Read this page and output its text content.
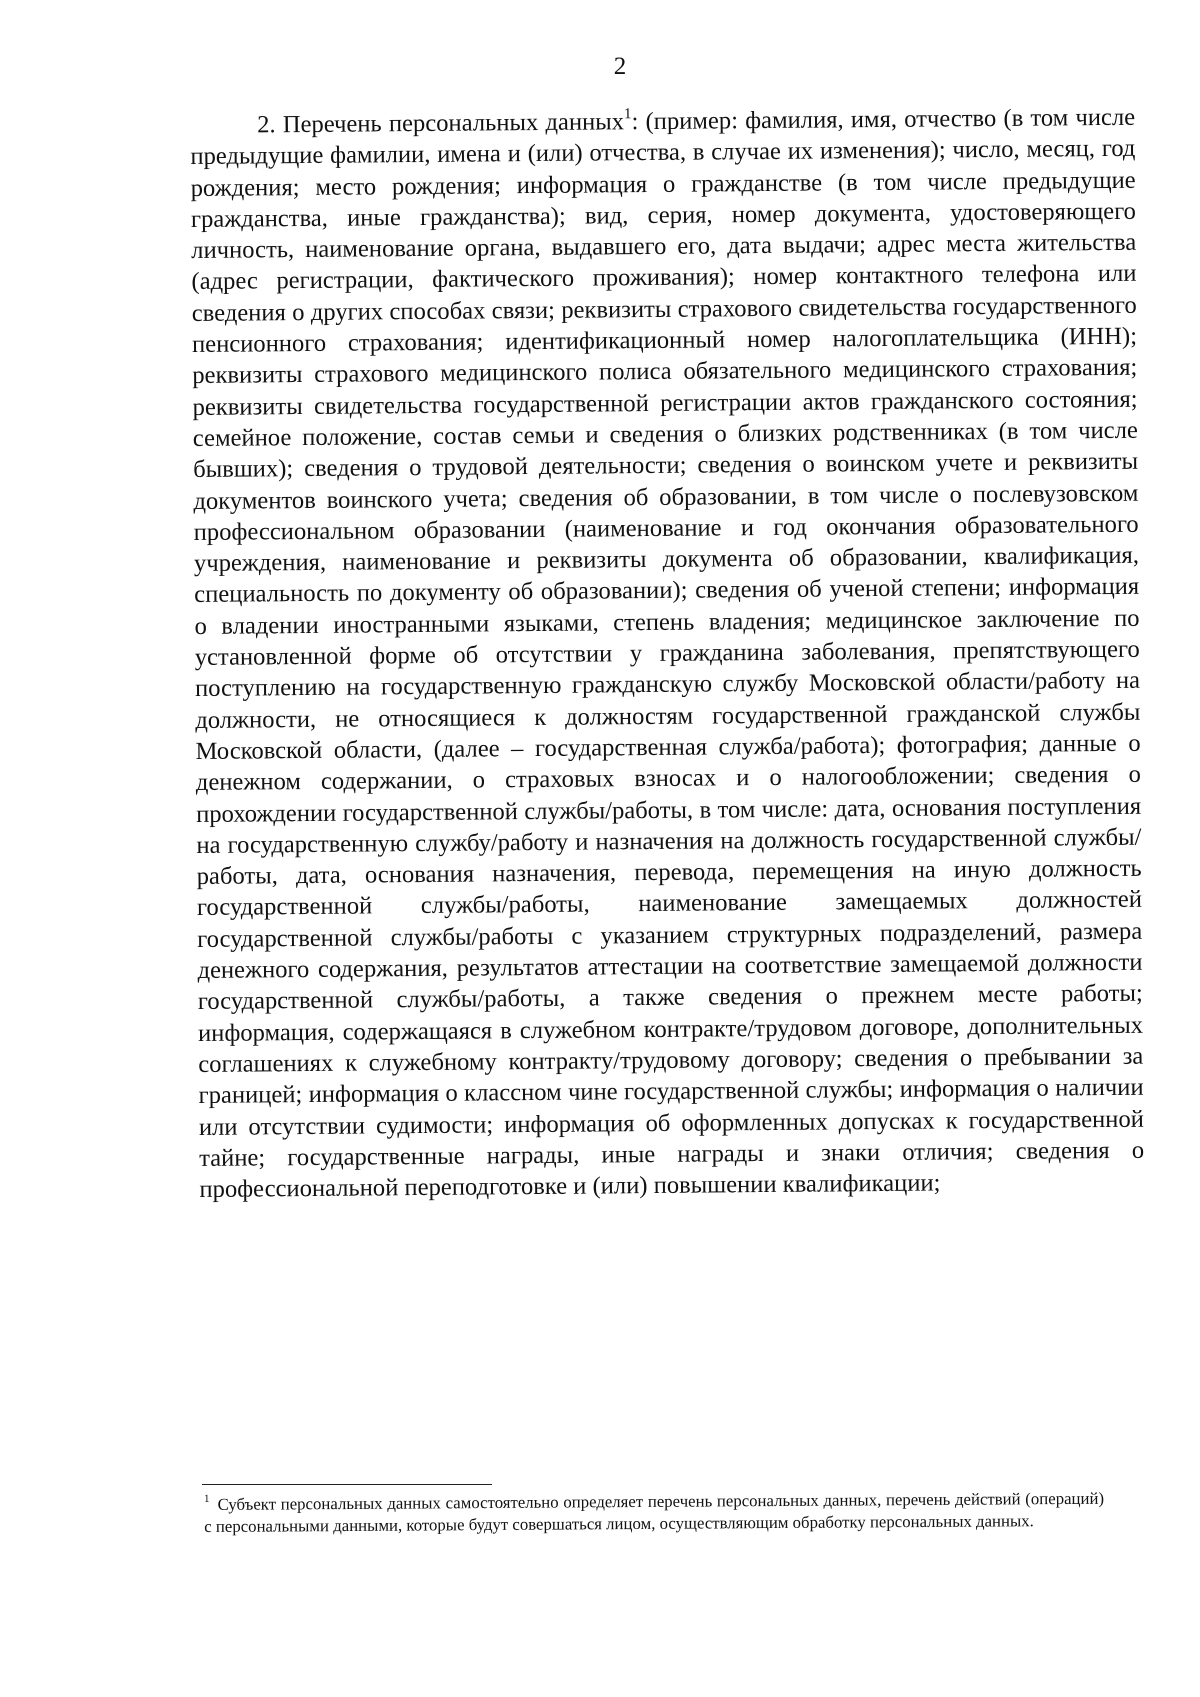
2

2. Перечень персональных данных$^1$: (пример: фамилия, имя, отчество (в том числе предыдущие фамилии, имена и (или) отчества, в случае их изменения); число, месяц, год рождения; место рождения; информация о гражданстве (в том числе предыдущие гражданства, иные гражданства); вид, серия, номер документа, удостоверяющего личность, наименование органа, выдавшего его, дата выдачи; адрес места жительства (адрес регистрации, фактического проживания); номер контактного телефона или сведения о других способах связи; реквизиты страхового свидетельства государственного пенсионного страхования; идентификационный номер налогоплательщика (ИНН); реквизиты страхового медицинского полиса обязательного медицинского страхования; реквизиты свидетельства государственной регистрации актов гражданского состояния; семейное положение, состав семьи и сведения о близких родственниках (в том числе бывших); сведения о трудовой деятельности; сведения о воинском учете и реквизиты документов воинского учета; сведения об образовании, в том числе о послевузовском профессиональном образовании (наименование и год окончания образовательного учреждения, наименование и реквизиты документа об образовании, квалификация, специальность по документу об образовании); сведения об ученой степени; информация о владении иностранными языками, степень владения; медицинское заключение по установленной форме об отсутствии у гражданина заболевания, препятствующего поступлению на государственную гражданскую службу Московской области/работу на должности, не относящиеся к должностям государственной гражданской службы Московской области, (далее – государственная служба/работа); фотография; данные о денежном содержании, о страховых взносах и о налогообложении; сведения о прохождении государственной службы/работы, в том числе: дата, основания поступления на государственную службу/работу и назначения на должность государственной службы/работы, дата, основания назначения, перевода, перемещения на иную должность государственной службы/работы, наименование замещаемых должностей государственной службы/работы с указанием структурных подразделений, размера денежного содержания, результатов аттестации на соответствие замещаемой должности государственной службы/работы, а также сведения о прежнем месте работы; информация, содержащаяся в служебном контракте/трудовом договоре, дополнительных соглашениях к служебному контракту/трудовому договору; сведения о пребывании за границей; информация о классном чине государственной службы; информация о наличии или отсутствии судимости; информация об оформленных допусках к государственной тайне; государственные награды, иные награды и знаки отличия; сведения о профессиональной переподготовке и (или) повышении квалификации;

$^1$ Субъект персональных данных самостоятельно определяет перечень персональных данных, перечень действий (операций) с персональными данными, которые будут совершаться лицом, осуществляющим обработку персональных данных.
